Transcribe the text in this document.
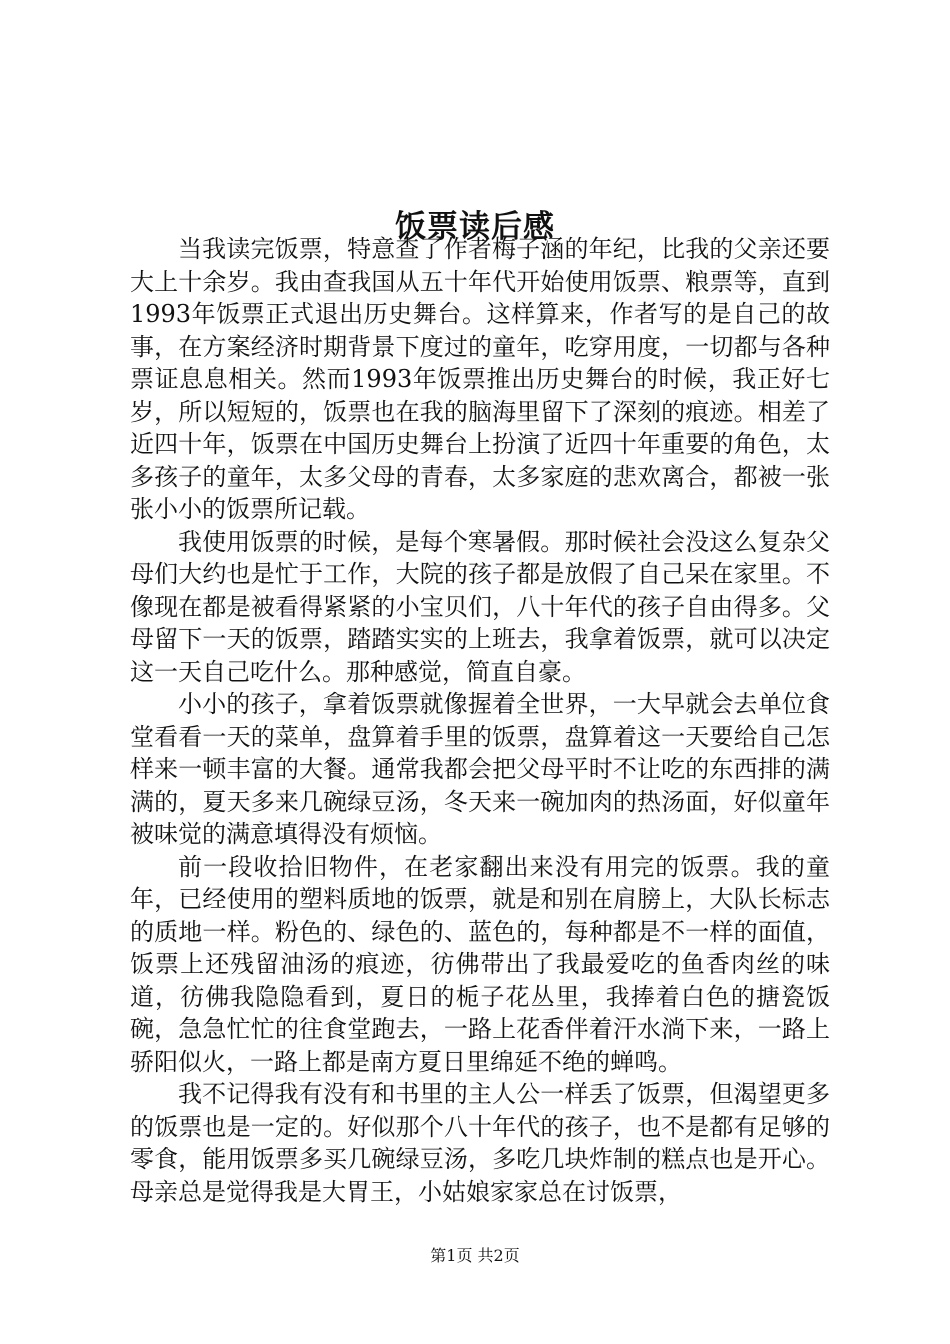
饭票读后感

当我读完饭票，特意查了作者梅子涵的年纪，比我的父亲还要大上十余岁。我由查我国从五十年代开始使用饭票、粮票等，直到1993年饭票正式退出历史舞台。这样算来，作者写的是自己的故事，在方案经济时期背景下度过的童年，吃穿用度，一切都与各种票证息息相关。然而1993年饭票推出历史舞台的时候，我正好七岁，所以短短的，饭票也在我的脑海里留下了深刻的痕迹。相差了近四十年，饭票在中国历史舞台上扮演了近四十年重要的角色，太多孩子的童年，太多父母的青春，太多家庭的悲欢离合，都被一张张小小的饭票所记载。

我使用饭票的时候，是每个寒暑假。那时候社会没这么复杂父母们大约也是忙于工作，大院的孩子都是放假了自己呆在家里。不像现在都是被看得紧紧的小宝贝们，八十年代的孩子自由得多。父母留下一天的饭票，踏踏实实的上班去，我拿着饭票，就可以决定这一天自己吃什么。那种感觉，简直自豪。

小小的孩子，拿着饭票就像握着全世界，一大早就会去单位食堂看看一天的菜单，盘算着手里的饭票，盘算着这一天要给自己怎样来一顿丰富的大餐。通常我都会把父母平时不让吃的东西排的满满的，夏天多来几碗绿豆汤，冬天来一碗加肉的热汤面，好似童年被味觉的满意填得没有烦恼。

前一段收拾旧物件，在老家翻出来没有用完的饭票。我的童年，已经使用的塑料质地的饭票，就是和别在肩膀上，大队长标志的质地一样。粉色的、绿色的、蓝色的，每种都是不一样的面值，饭票上还残留油汤的痕迹，彷佛带出了我最爱吃的鱼香肉丝的味道，彷佛我隐隐看到，夏日的栀子花丛里，我捧着白色的搪瓷饭碗，急急忙忙的往食堂跑去，一路上花香伴着汗水淌下来，一路上骄阳似火，一路上都是南方夏日里绵延不绝的蝉鸣。

我不记得我有没有和书里的主人公一样丢了饭票，但渴望更多的饭票也是一定的。好似那个八十年代的孩子，也不是都有足够的零食，能用饭票多买几碗绿豆汤，多吃几块炸制的糕点也是开心。母亲总是觉得我是大胃王，小姑娘家家总在讨饭票，

第1页 共2页
